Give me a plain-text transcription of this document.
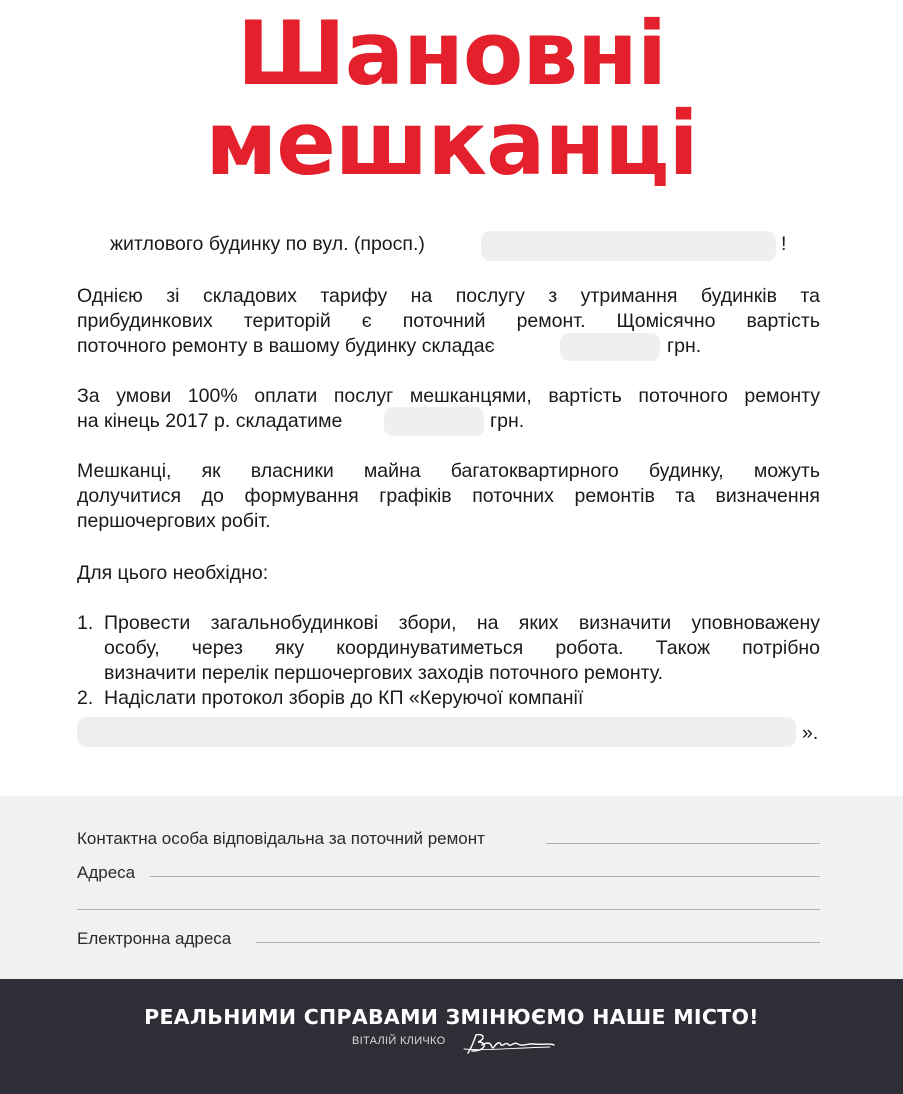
Шановні
мешканці
житлового будинку по вул. (просп.)	!
Однією зі складових тарифу на послугу з утримання будинків та
прибудинкових територій є поточний ремонт. Щомісячно вартість
поточного ремонту в вашому будинку складає	грн.
За умови 100% оплати послуг мешканцями, вартість поточного ремонту
на кінець 2017 р. складатиме	грн.
Мешканці, як власники майна багатоквартирного будинку, можуть
долучитися до формування графіків поточних ремонтів та визначення
першочергових робіт.
Для цього необхідно:
1. Провести загальнобудинкові збори, на яких визначити уповноважену
особу, через яку координуватиметься робота. Також потрібно
визначити перелік першочергових заходів поточного ремонту.
2. Надіслати протокол зборів до КП «Керуючої компанії
».
Контактна особа відповідальна за поточний ремонт
Адреса
Електронна адреса
РЕАЛЬНИМИ СПРАВАМИ ЗМІНЮЄМО НАШЕ МІСТО!
ВІТАЛІЙ КЛИЧКО
